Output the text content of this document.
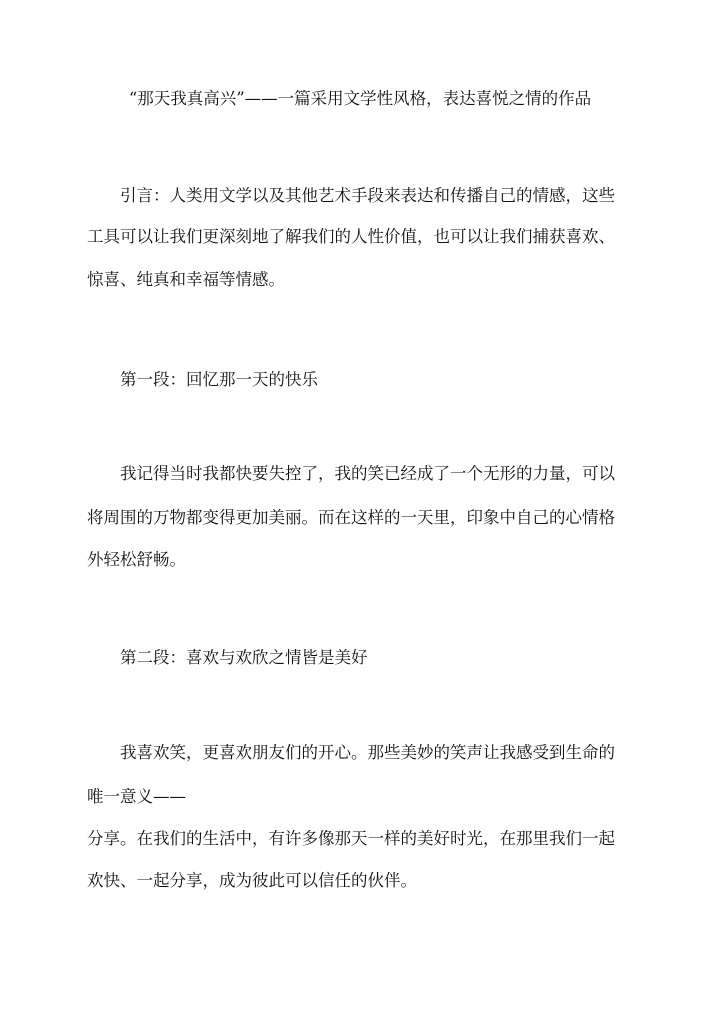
“那天我真高兴”——一篇采用文学性风格，表达喜悦之情的作品
引言：人类用文学以及其他艺术手段来表达和传播自己的情感，这些
工具可以让我们更深刻地了解我们的人性价值，也可以让我们捕获喜欢、
惊喜、纯真和幸福等情感。
第一段：回忆那一天的快乐
我记得当时我都快要失控了，我的笑已经成了一个无形的力量，可以
将周围的万物都变得更加美丽。而在这样的一天里，印象中自己的心情格
外轻松舒畅。
第二段：喜欢与欢欣之情皆是美好
我喜欢笑，更喜欢朋友们的开心。那些美妙的笑声让我感受到生命的
唯一意义——
分享。在我们的生活中，有许多像那天一样的美好时光，在那里我们一起
欢快、一起分享，成为彼此可以信任的伙伴。
